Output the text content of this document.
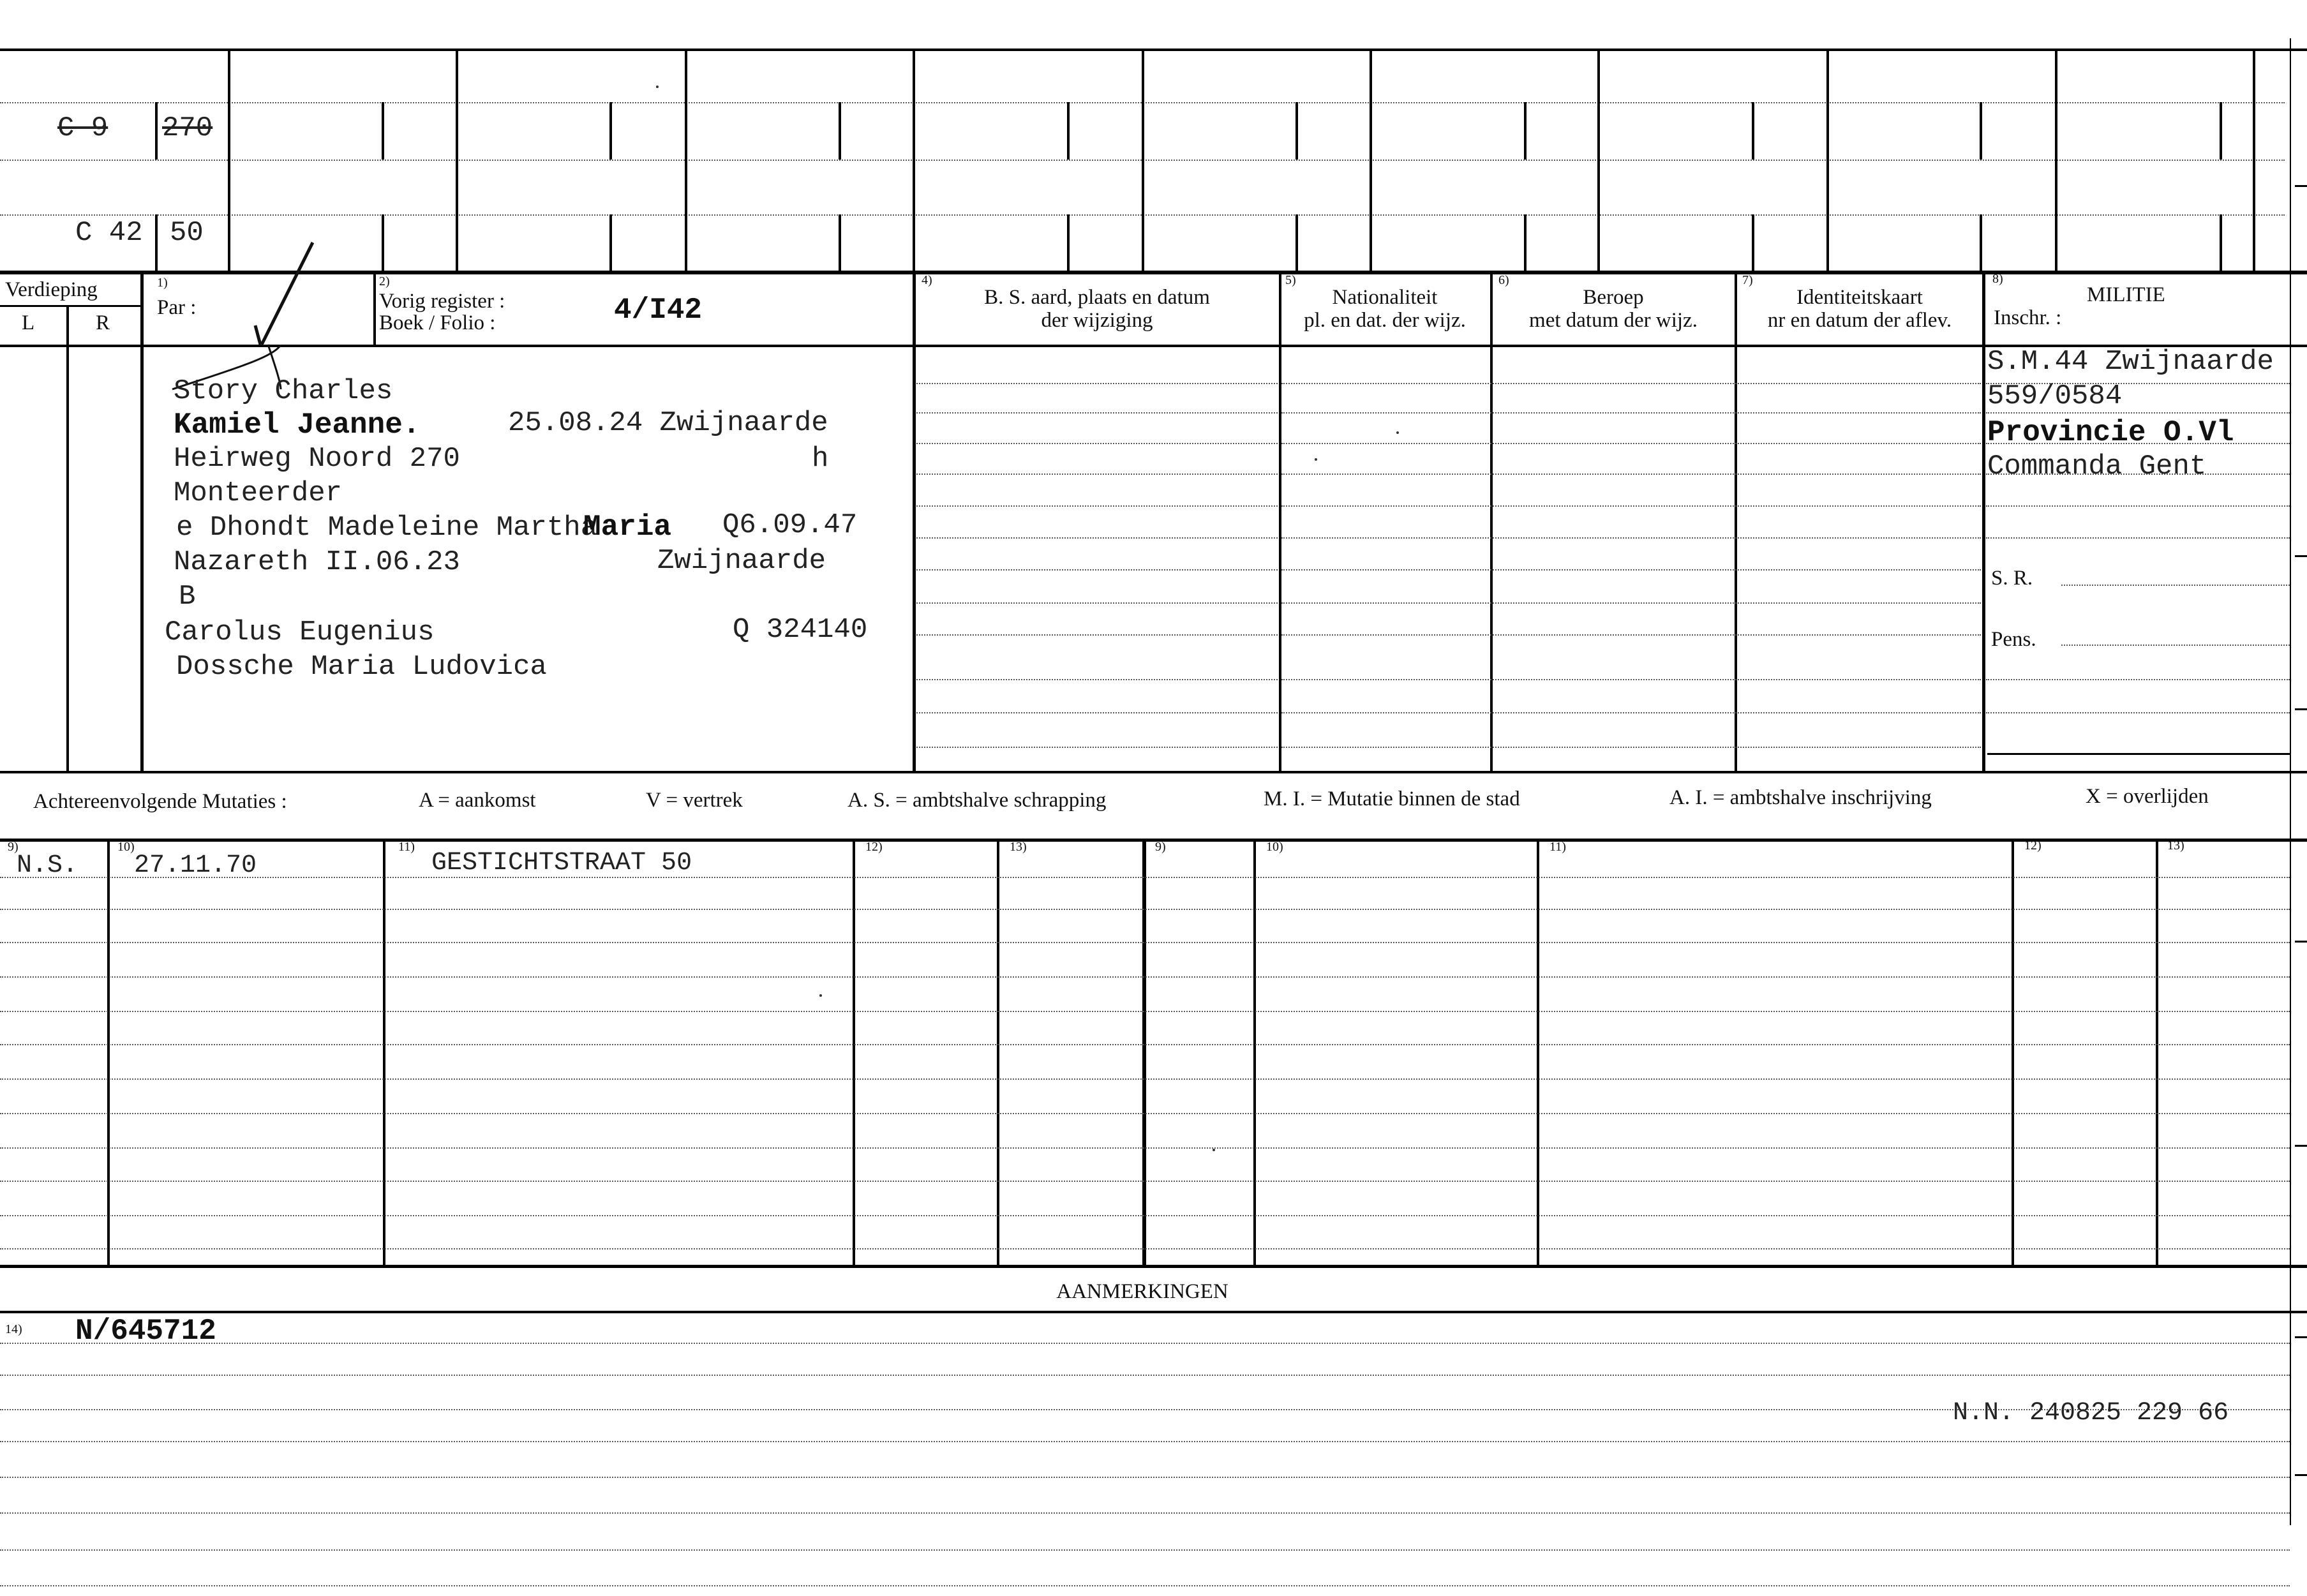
C 9 270
C 42 50
Verdieping
L	R
1)
Par :
2)
Vorig register :
Boek / Folio :	4/I42
4)
B. S. aard, plaats en datum
der wijziging
5)
Nationaliteit
pl. en dat. der wijz.
6)
Beroep
met datum der wijz.
7)
Identiteitskaart
nr en datum der aflev.
8)
MILITIE
Inschr. :
Story Charles
Kamiel Jeanne.	25.08.24 Zwijnaarde
Heirweg Noord 270	h
Monteerder
e Dhondt Madeleine Martha
Maria Q6.09.47
Nazareth II.06.23	Zwijnaarde
B
Carolus Eugenius	Q 324140
Dossche Maria Ludovica
S.M.44 Zwijnaarde
559/0584
Provincie O.Vl
Commanda Gent
S. R.
Pens.
Achtereenvolgende Mutaties :	A = aankomst	V = vertrek	A. S. = ambtshalve schrapping	M. I. = Mutatie binnen de stad	A. I. = ambtshalve inschrijving	X = overlijden
9)	10)	11)	12)	13)	9)	10)	11)	12)	13)
N.S. 27.11.70	GESTICHTSTRAAT 50
AANMERKINGEN
14) N/645712
N.N. 240825 229 66
